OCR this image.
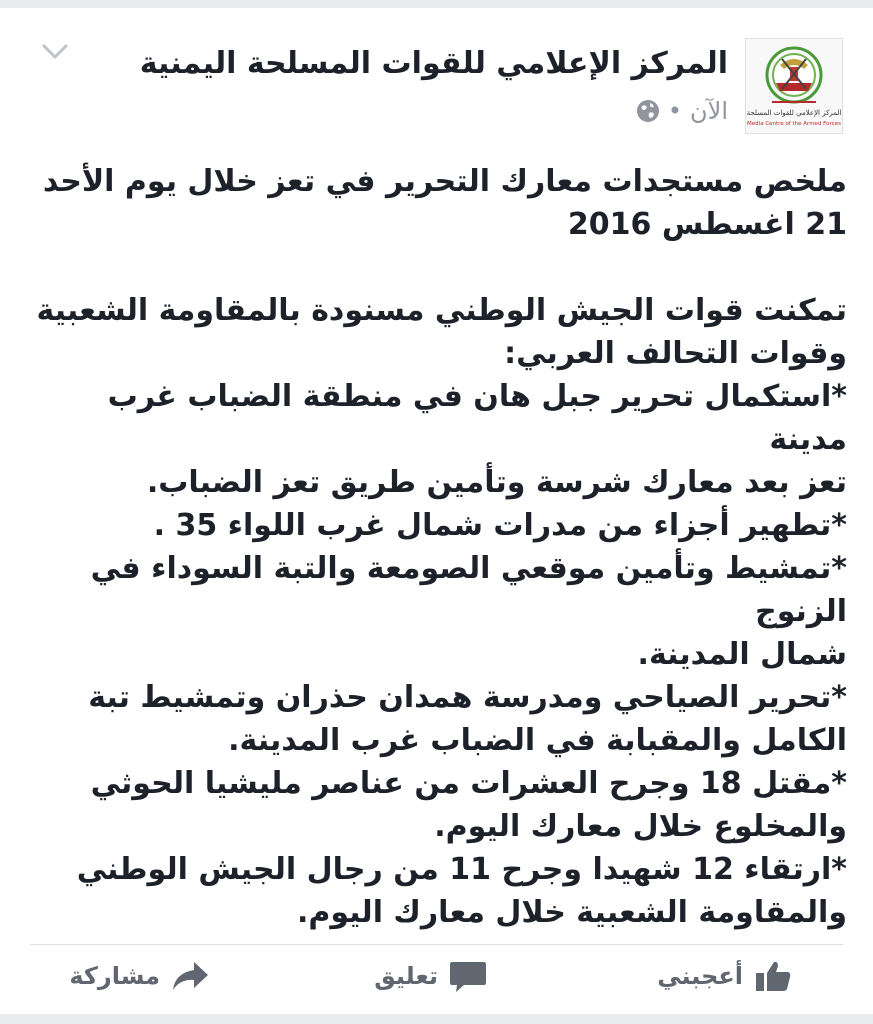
المركز الإعلامي للقوات المسلحة
Media Centre of the Armed Forces
المركز الإعلامي للقوات المسلحة اليمنية
الآن
•

ملخص مستجدات معارك التحرير في تعز خلال يوم الأحد

21 اغسطس 2016

تمكنت قوات الجيش الوطني مسنودة بالمقاومة الشعبية

وقوات التحالف العربي:

*استكمال تحرير جبل هان في منطقة الضباب غرب مدينة

تعز بعد معارك شرسة وتأمين طريق تعز الضباب.

*تطهير أجزاء من مدرات شمال غرب اللواء 35 .

*تمشيط وتأمين موقعي الصومعة والتبة السوداء في الزنوج

شمال المدينة.

*تحرير الصياحي ومدرسة همدان حذران وتمشيط تبة

الكامل والمقبابة في الضباب غرب المدينة.

*مقتل 18 وجرح العشرات من عناصر مليشيا الحوثي

والمخلوع خلال معارك اليوم.

*ارتقاء 12 شهيدا وجرح 11 من رجال الجيش الوطني

والمقاومة الشعبية خلال معارك اليوم.

أعجبني
تعليق
مشاركة
